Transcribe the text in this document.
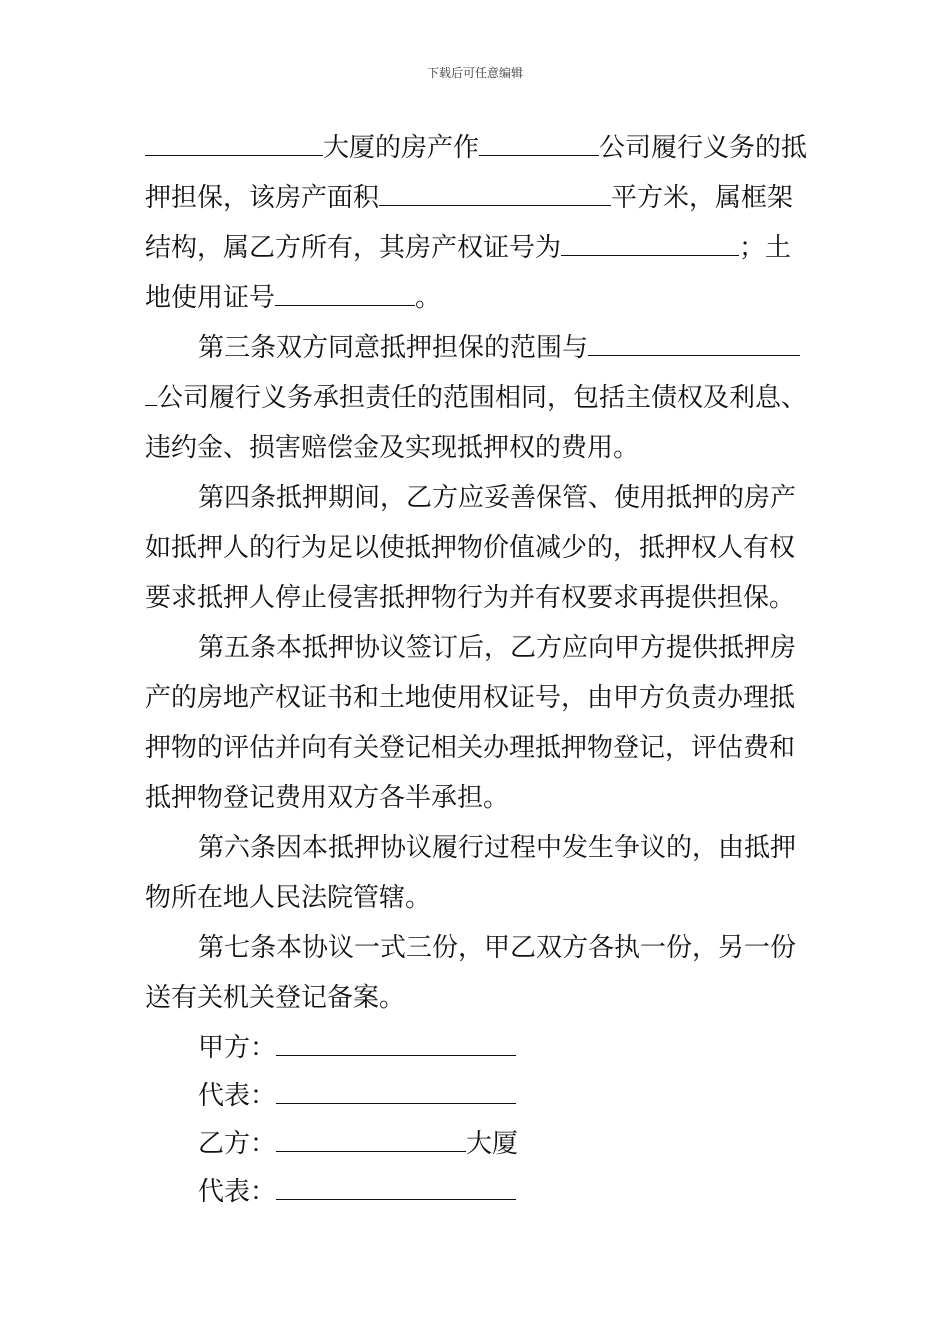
下载后可任意编辑
大厦的房产作	公司履行义务的抵
押担保，该房产面积	平方米，属框架
结构，属乙方所有，其房产权证号为	；土
地使用证号	。
第三条双方同意抵押担保的范围与
公司履行义务承担责任的范围相同，包括主债权及利息、
违约金、损害赔偿金及实现抵押权的费用。
第四条抵押期间，乙方应妥善保管、使用抵押的房产
如抵押人的行为足以使抵押物价值减少的，抵押权人有权
要求抵押人停止侵害抵押物行为并有权要求再提供担保。
第五条本抵押协议签订后，乙方应向甲方提供抵押房
产的房地产权证书和土地使用权证号，由甲方负责办理抵
押物的评估并向有关登记相关办理抵押物登记，评估费和
抵押物登记费用双方各半承担。
第六条因本抵押协议履行过程中发生争议的，由抵押
物所在地人民法院管辖。
第七条本协议一式三份，甲乙双方各执一份，另一份
送有关机关登记备案。
甲方：
代表：
乙方：	大厦
代表：
